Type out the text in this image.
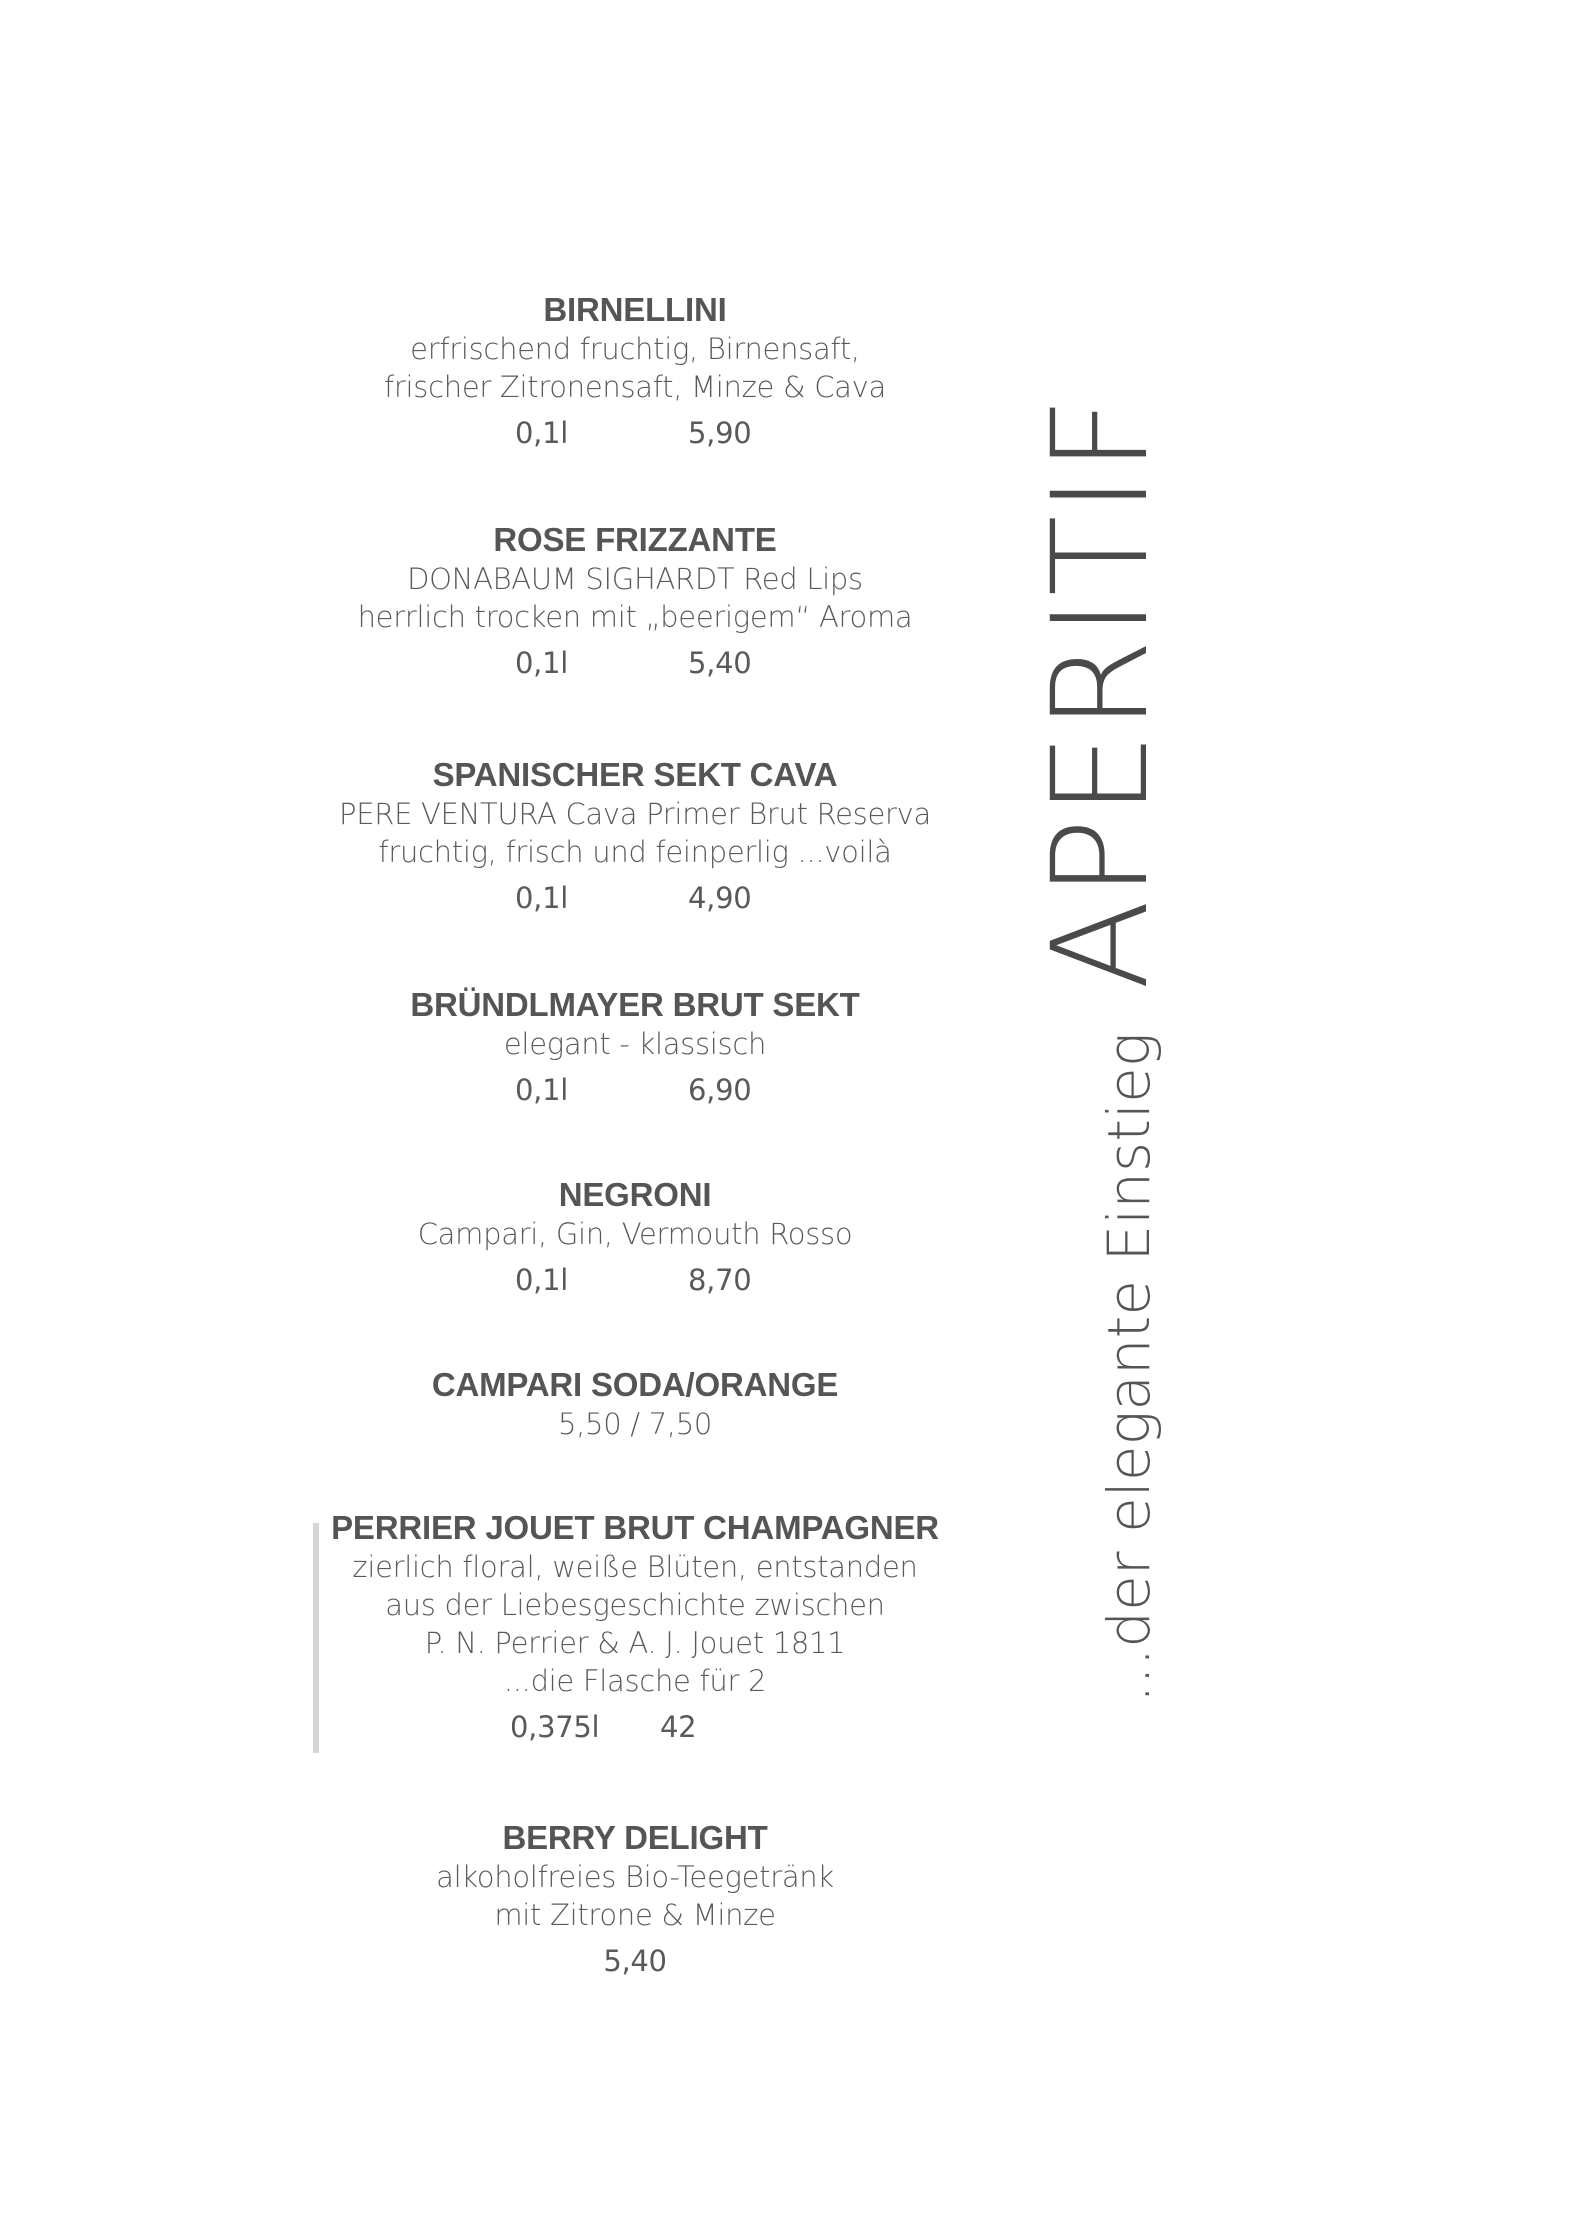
BIRNELLINI
erfrischend fruchtig, Birnensaft,
frischer Zitronensaft, Minze & Cava
0,1l	5,90
ROSE FRIZZANTE
DONABAUM SIGHARDT Red Lips
herrlich trocken mit „beerigem“ Aroma
0,1l	5,40
SPANISCHER SEKT CAVA
PERE VENTURA Cava Primer Brut Reserva
fruchtig, frisch und feinperlig ...voilà
0,1l	4,90
BRÜNDLMAYER BRUT SEKT
elegant - klassisch
0,1l	6,90
NEGRONI
Campari, Gin, Vermouth Rosso
0,1l	8,70
CAMPARI SODA/ORANGE
5,50 / 7,50
PERRIER JOUET BRUT CHAMPAGNER
zierlich floral, weiße Blüten, entstanden
aus der Liebesgeschichte zwischen
P. N. Perrier & A. J. Jouet 1811
...die Flasche für 2
0,375l 42
BERRY DELIGHT
alkoholfreies Bio-Teegetränk
mit Zitrone & Minze
5,40
APERITIF
...der elegante Einstieg
